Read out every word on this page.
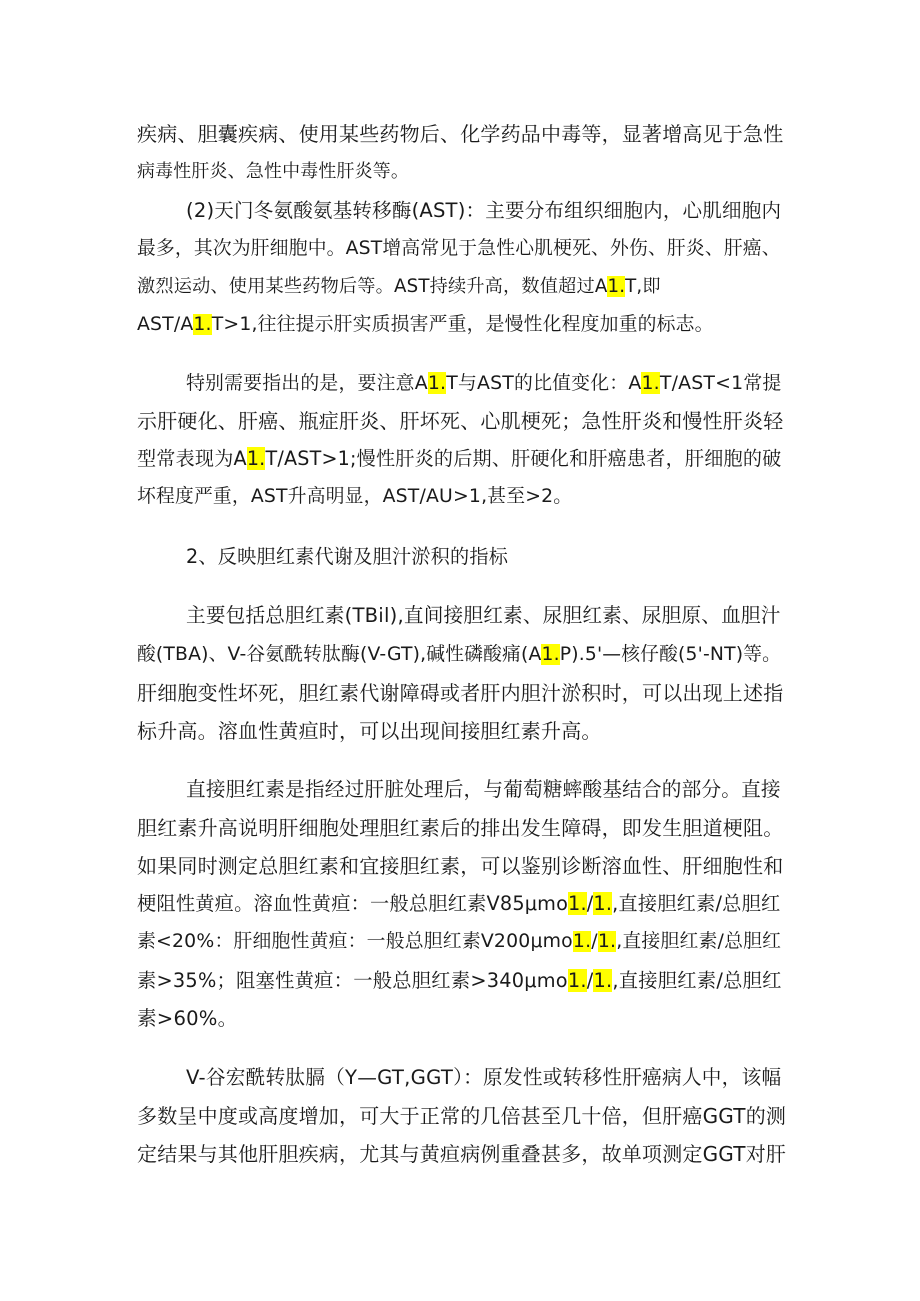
疾病、胆囊疾病、使用某些药物后、化学药品中毒等，显著增高见于急性
病毒性肝炎、急性中毒性肝炎等。
(2)天门冬氨酸氨基转移酶(AST)：主要分布组织细胞内，心肌细胞内
最多，其次为肝细胞中。AST增高常见于急性心肌梗死、外伤、肝炎、肝癌、
激烈运动、使用某些药物后等。AST持续升高，数值超过A1.T,即
AST/A1.T>1,往往提示肝实质损害严重，是慢性化程度加重的标志。
特别需要指出的是，要注意A1.T与AST的比值变化：A1.T/AST<1常提
示肝硬化、肝癌、瓶症肝炎、肝坏死、心肌梗死；急性肝炎和慢性肝炎轻
型常表现为A1.T/AST>1;慢性肝炎的后期、肝硬化和肝癌患者，肝细胞的破
坏程度严重，AST升高明显，AST/AU>1,甚至>2。
2、反映胆红素代谢及胆汁淤积的指标
主要包括总胆红素(TBil),直间接胆红素、尿胆红素、尿胆原、血胆汁
酸(TBA)、V-谷氨酰转肽酶(V-GT),碱性磷酸痛(A1.P).5'—核仔酸(5'-NT)等。
肝细胞变性坏死，胆红素代谢障碍或者肝内胆汁淤积时，可以出现上述指
标升高。溶血性黄疸时，可以出现间接胆红素升高。
直接胆红素是指经过肝脏处理后，与葡萄糖蟀酸基结合的部分。直接
胆红素升高说明肝细胞处理胆红素后的排出发生障碍，即发生胆道梗阻。
如果同时测定总胆红素和宜接胆红素，可以鉴别诊断溶血性、肝细胞性和
梗阻性黄疸。溶血性黄疸：一般总胆红素V85μmo1./1.,直接胆红素/总胆红
素<20%：肝细胞性黄疸：一般总胆红素V200μmo1./1.,直接胆红素/总胆红
素>35%；阻塞性黄疸：一般总胆红素>340μmo1./1.,直接胆红素/总胆红
素>60%。
V-谷宏酰转肽膈（Y—GT,GGT）：原发性或转移性肝癌病人中，该幅
多数呈中度或高度增加，可大于正常的几倍甚至几十倍，但肝癌GGT的测
定结果与其他肝胆疾病，尤其与黄疸病例重叠甚多，故单项测定GGT对肝
